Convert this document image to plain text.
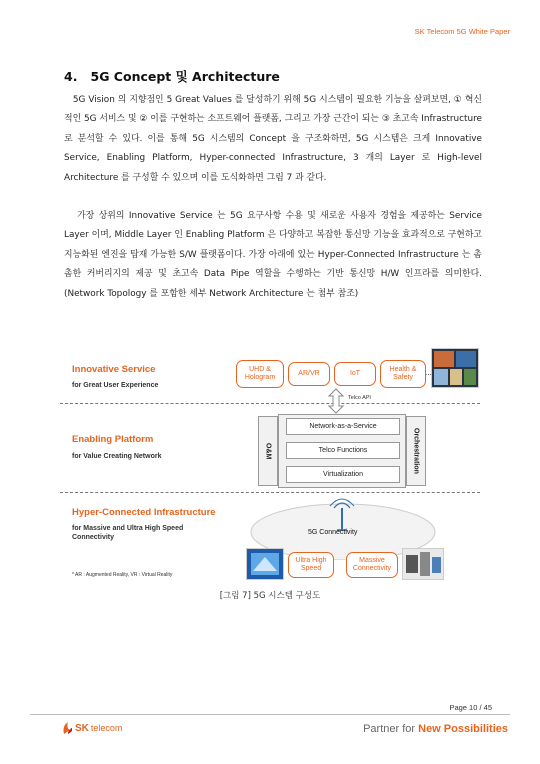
SK Telecom 5G White Paper
4.   5G Concept 및 Architecture

5G Vision 의 지향점인 5 Great Values 를 달성하기 위해 5G 시스템이 필요한 기능을 살펴보면, ① 혁신적인 5G 서비스 및 ② 이를 구현하는 소프트웨어 플랫폼, 그리고 가장 근간이 되는 ③ 초고속 Infrastructure 로 분석할 수 있다. 이를 통해 5G 시스템의 Concept 을 구조화하면, 5G 시스템은 크게 Innovative Service, Enabling Platform, Hyper-connected Infrastructure, 3 개의 Layer 로 High-level Architecture 를 구성할 수 있으며 이를 도식화하면 그림 7 과 같다.

가장 상위의 Innovative Service 는 5G 요구사항 수용 및 새로운 사용자 경험을 제공하는 Service Layer 이며, Middle Layer 인 Enabling Platform 은 다양하고 복잡한 통신망 기능을 효과적으로 구현하고 지능화된 엔진을 탑재 가능한 S/W 플랫폼이다. 가장 아래에 있는 Hyper-Connected Infrastructure 는 촘촘한 커버리지의 제공 및 초고속 Data Pipe 역할을 수행하는 기반 통신망 H/W 인프라를 의미한다. (Network Topology 를 포함한 세부 Network Architecture 는 첨부 참조)

Innovative Service
for Great User Experience
Enabling Platform
for Value Creating Network
Hyper-Connected Infrastructure
for Massive and Ultra High Speed
Connectivity
* AR : Augmented Reality, VR : Virtual Reality
UHD &
Hologram
AR/VR	IoT
Health &
Safety
...
Telco API
O&M
Network-as-a-Service
Telco Functions
Virtualization
Orchestration
5G Connectivity
Ultra High
Speed
Massive
Connectivity
[그림 7] 5G 시스템 구성도
Page 10 / 45
SK telecom	Partner for New Possibilities
